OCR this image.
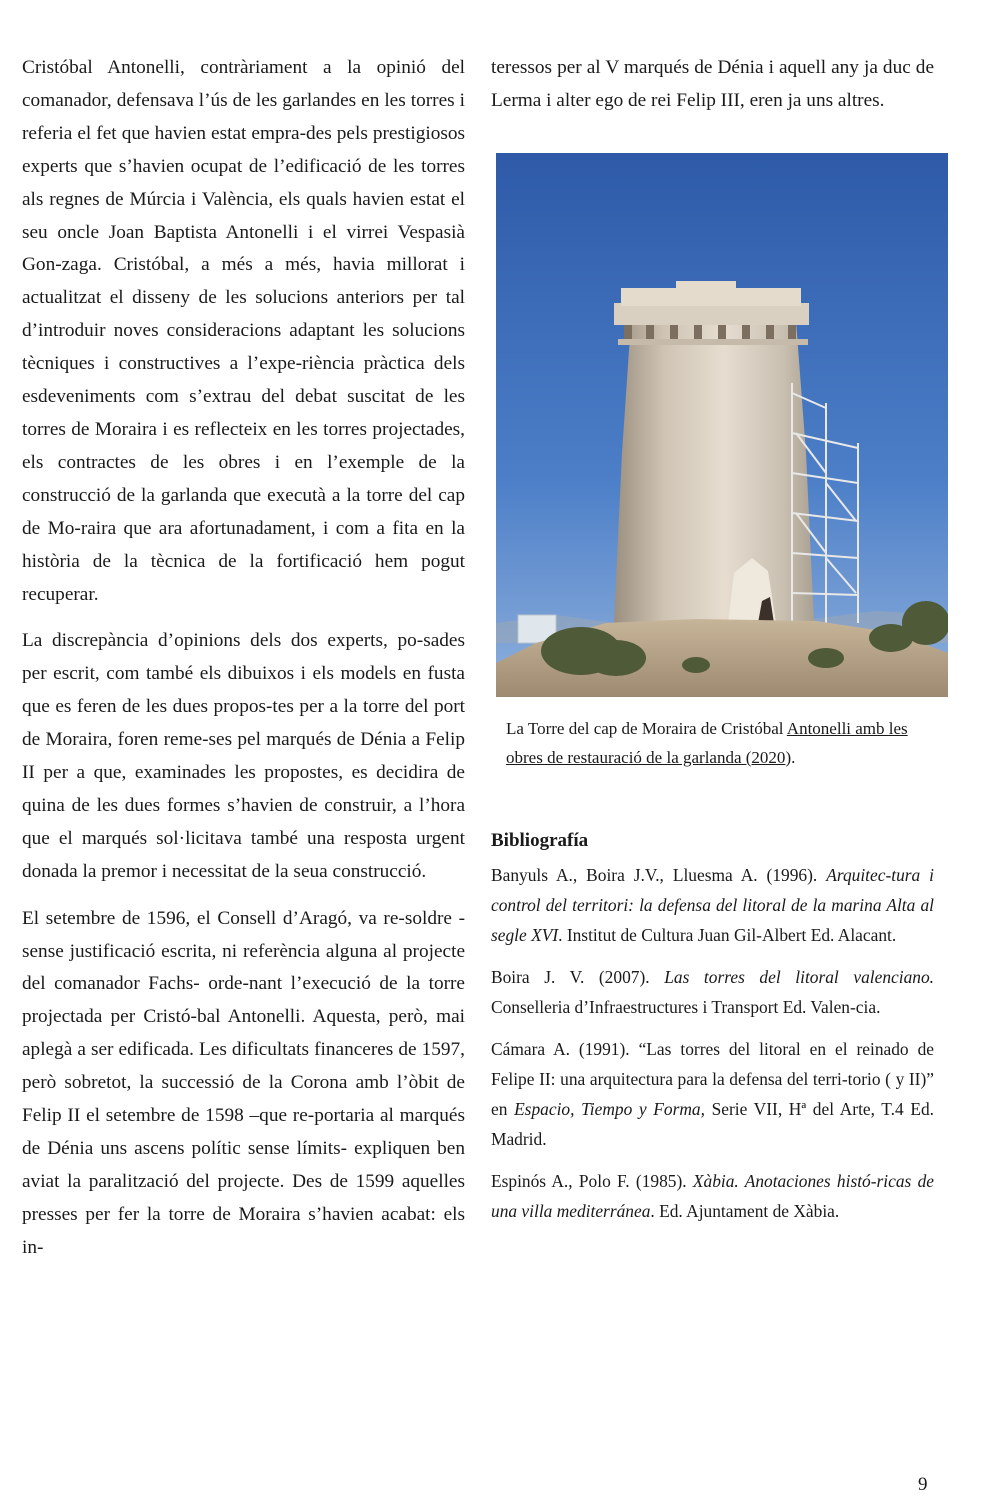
Cristóbal Antonelli, contràriament a la opinió del comanador, defensava l’ús de les garlandes en les torres i referia el fet que havien estat empra-des pels prestigiosos experts que s’havien ocupat de l’edificació de les torres als regnes de Múrcia i València, els quals havien estat el seu oncle Joan Baptista Antonelli i el virrei Vespasià Gon-zaga. Cristóbal, a més a més, havia millorat i actualitzat el disseny de les solucions anteriors per tal d’introduir noves consideracions adaptant les solucions tècniques i constructives a l’expe-riència pràctica dels esdeveniments com s’extrau del debat suscitat de les torres de Moraira i es reflecteix en les torres projectades, els contractes de les obres i en l’exemple de la construcció de la garlanda que executà a la torre del cap de Mo-raira que ara afortunadament, i com a fita en la història de la tècnica de la fortificació hem pogut recuperar.

La discrepància d’opinions dels dos experts, po-sades per escrit, com també els dibuixos i els models en fusta que es feren de les dues propos-tes per a la torre del port de Moraira, foren reme-ses pel marqués de Dénia a Felip II per a que, examinades les propostes, es decidira de quina de les dues formes s’havien de construir, a l’hora que el marqués sol·licitava també una resposta urgent donada la premor i necessitat de la seua construcció.

El setembre de 1596, el Consell d’Aragó, va re-soldre -sense justificació escrita, ni referència alguna al projecte del comanador Fachs- orde-nant l’execució de la torre projectada per Cristó-bal Antonelli. Aquesta, però, mai aplegà a ser edificada. Les dificultats financeres de 1597, però sobretot, la successió de la Corona amb l’òbit de Felip II el setembre de 1598 –que re-portaria al marqués de Dénia uns ascens polític sense límits- expliquen ben aviat la paralització del projecte. Des de 1599 aquelles presses per fer la torre de Moraira s’havien acabat: els in-

teressos per al V marqués de Dénia i aquell any ja duc de Lerma i alter ego de rei Felip III, eren ja uns altres.

La Torre del cap de Moraira de Cristóbal Antonelli amb les obres de restauració de la garlanda (2020).
Bibliografía

Banyuls A., Boira J.V., Lluesma A. (1996). Arquitec-tura i control del territori: la defensa del litoral de la marina Alta al segle XVI. Institut de Cultura Juan Gil-Albert Ed. Alacant.

Boira J. V. (2007). Las torres del litoral valenciano. Conselleria d’Infraestructures i Transport Ed. Valen-cia.

Cámara A. (1991). “Las torres del litoral en el reinado de Felipe II: una arquitectura para la defensa del terri-torio ( y II)” en Espacio, Tiempo y Forma, Serie VII, Hª del Arte, T.4 Ed. Madrid.

Espinós A., Polo F. (1985). Xàbia. Anotaciones histó-ricas de una villa mediterránea. Ed. Ajuntament de Xàbia.

9
